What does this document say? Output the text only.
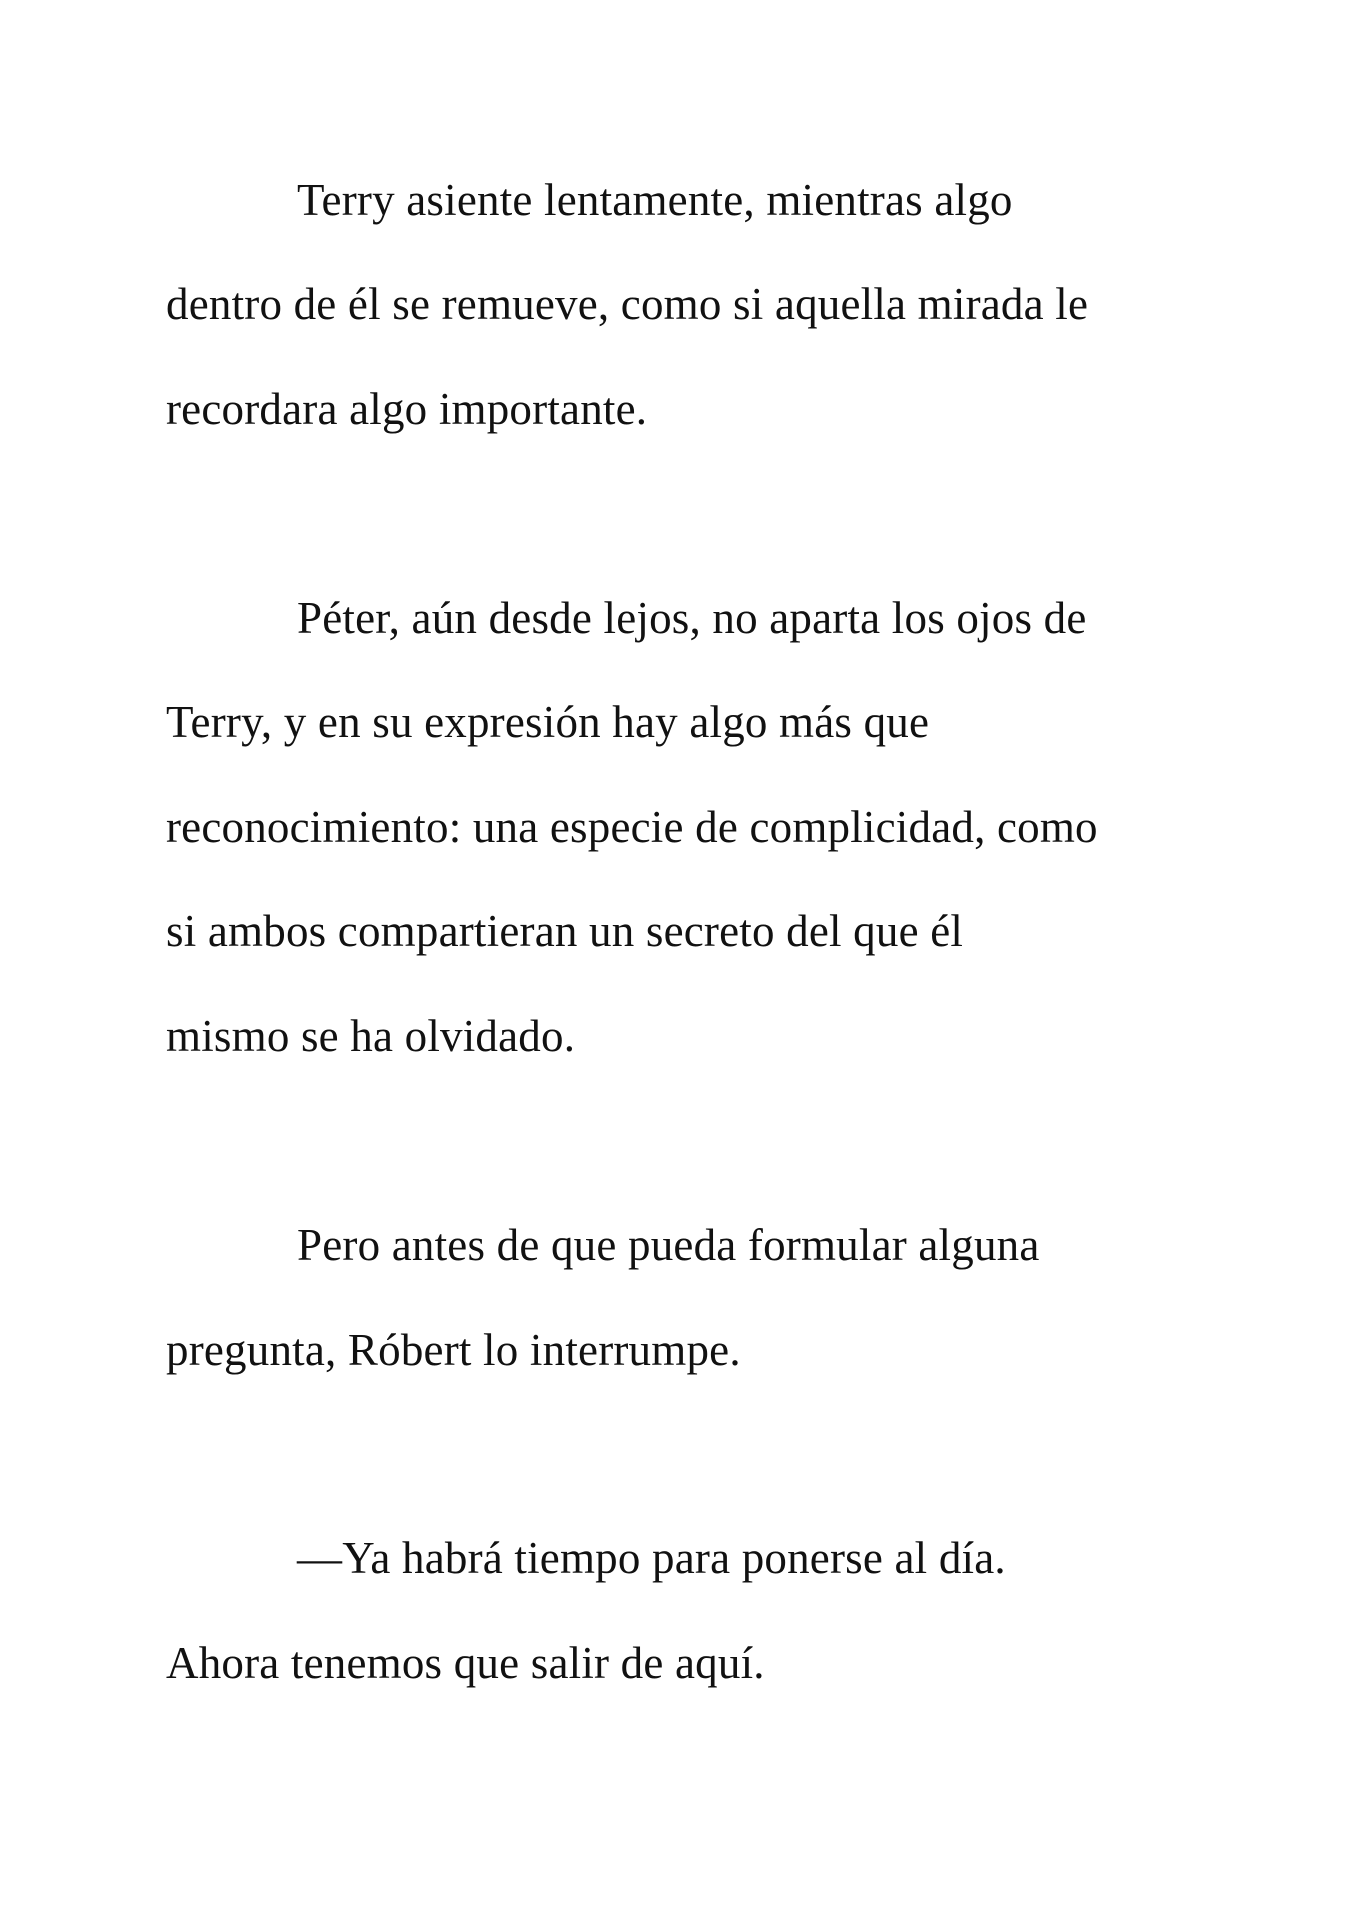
Terry asiente lentamente, mientras algo

dentro de él se remueve, como si aquella mirada le

recordara algo importante.

Péter, aún desde lejos, no aparta los ojos de

Terry, y en su expresión hay algo más que

reconocimiento: una especie de complicidad, como

si ambos compartieran un secreto del que él

mismo se ha olvidado.

Pero antes de que pueda formular alguna

pregunta, Róbert lo interrumpe.

—Ya habrá tiempo para ponerse al día.

Ahora tenemos que salir de aquí.
